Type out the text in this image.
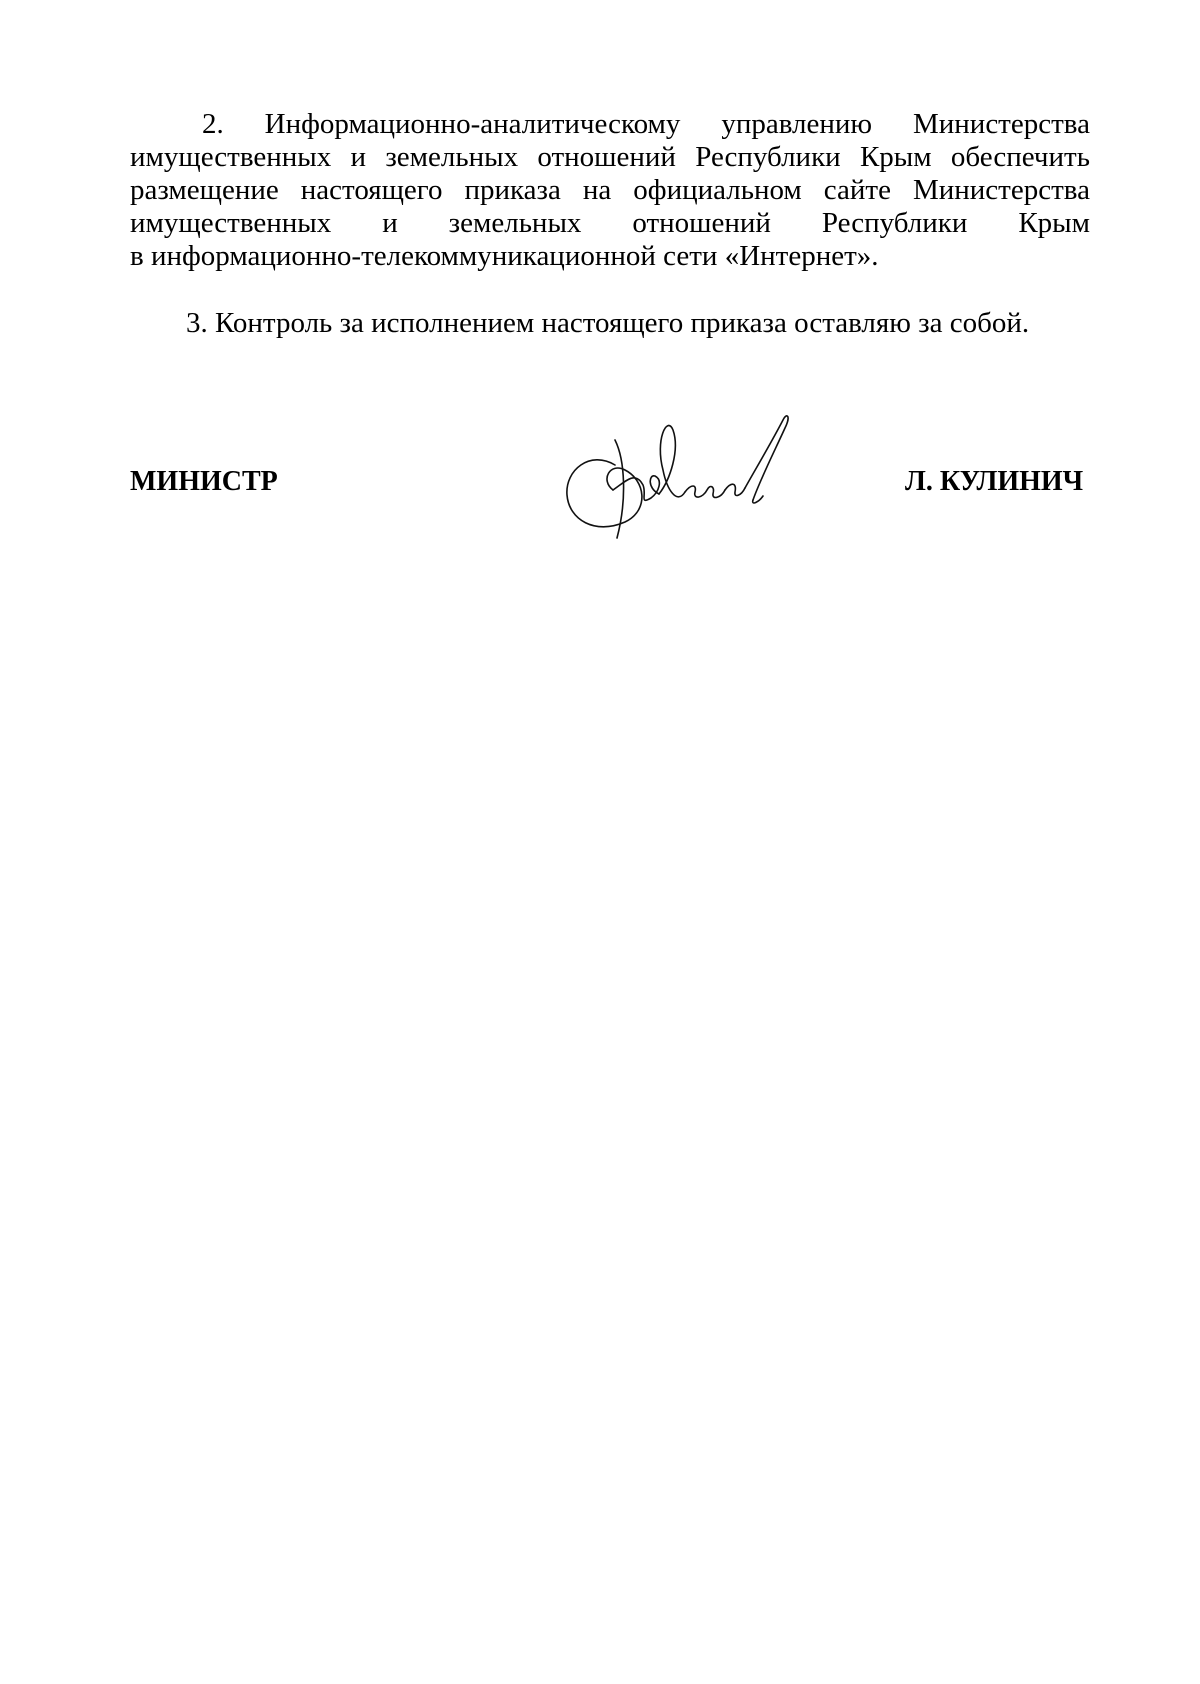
2. Информационно-аналитическому управлению Министерства
имущественных и земельных отношений Республики Крым обеспечить
размещение настоящего приказа на официальном сайте Министерства
имущественных и земельных отношений Республики Крым
в информационно-телекоммуникационной сети «Интернет».
3. Контроль за исполнением настоящего приказа оставляю за собой.
МИНИСТР	Л. КУЛИНИЧ
